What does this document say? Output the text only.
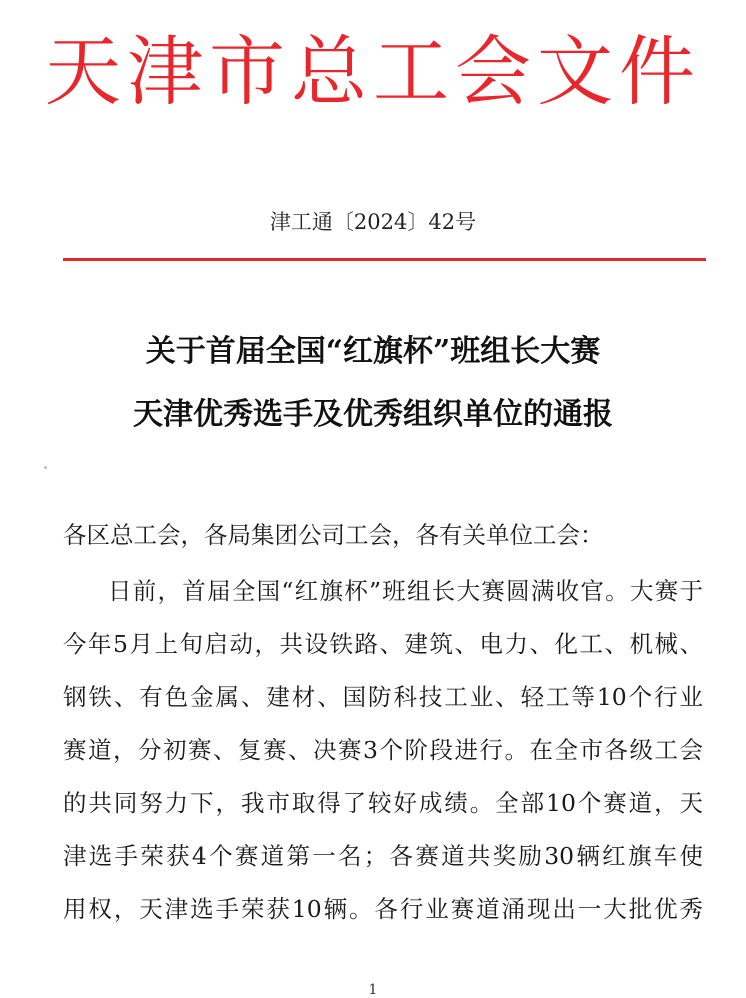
天津市总工会文件
津工通〔2024〕42号
关于首届全国“红旗杯”班组长大赛
天津优秀选手及优秀组织单位的通报
各区总工会，各局集团公司工会，各有关单位工会：
日前，首届全国“红旗杯”班组长大赛圆满收官。大赛于
今年5月上旬启动，共设铁路、建筑、电力、化工、机械、
钢铁、有色金属、建材、国防科技工业、轻工等10个行业
赛道，分初赛、复赛、决赛3个阶段进行。在全市各级工会
的共同努力下，我市取得了较好成绩。全部10个赛道，天
津选手荣获4个赛道第一名；各赛道共奖励30辆红旗车使
用权，天津选手荣获10辆。各行业赛道涌现出一大批优秀
1
